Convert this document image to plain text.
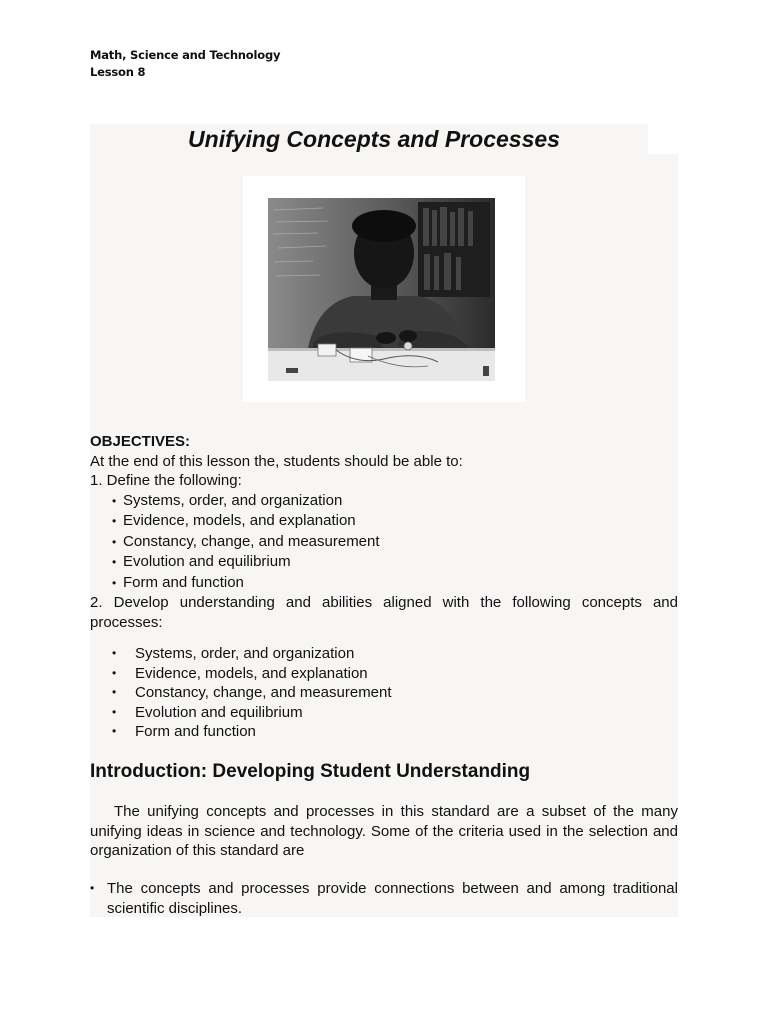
Math, Science and Technology
Lesson 8
Unifying Concepts and Processes
OBJECTIVES:
At the end of this lesson the, students should be able to:
1. Define the following:
• Systems, order, and organization
• Evidence, models, and explanation
• Constancy, change, and measurement
• Evolution and equilibrium
• Form and function
2. Develop understanding and abilities aligned with the following concepts and processes:
• Systems, order, and organization
• Evidence, models, and explanation
• Constancy, change, and measurement
• Evolution and equilibrium
• Form and function
Introduction: Developing Student Understanding
The unifying concepts and processes in this standard are a subset of the many unifying ideas in science and technology. Some of the criteria used in the selection and organization of this standard are
• The concepts and processes provide connections between and among traditional scientific disciplines.
